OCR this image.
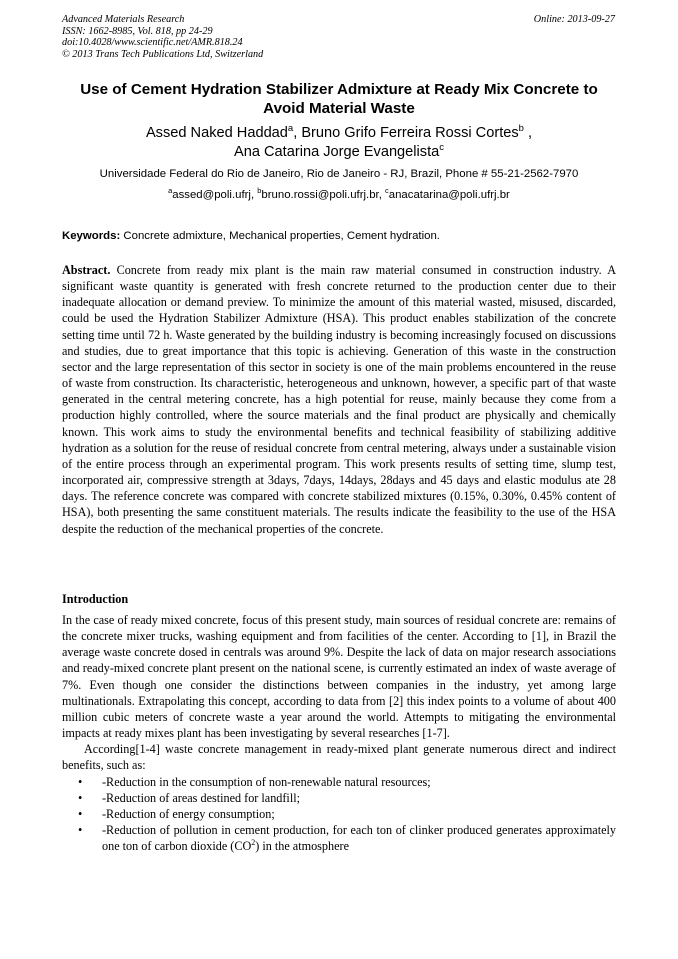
Advanced Materials Research
ISSN: 1662-8985, Vol. 818, pp 24-29
doi:10.4028/www.scientific.net/AMR.818.24
© 2013 Trans Tech Publications Ltd, Switzerland
Online: 2013-09-27
Use of Cement Hydration Stabilizer Admixture at Ready Mix Concrete to Avoid Material Waste
Assed Naked Haddad$^a$, Bruno Grifo Ferreira Rossi Cortes$^b$ ,
Ana Catarina Jorge Evangelista$^c$
Universidade Federal do Rio de Janeiro, Rio de Janeiro - RJ, Brazil, Phone # 55-21-2562-7970
$^a$assed@poli.ufrj, $^b$bruno.rossi@poli.ufrj.br, $^c$anacatarina@poli.ufrj.br
Keywords: Concrete admixture, Mechanical properties, Cement hydration.
Abstract. Concrete from ready mix plant is the main raw material consumed in construction industry. A significant waste quantity is generated with fresh concrete returned to the production center due to their inadequate allocation or demand preview. To minimize the amount of this material wasted, misused, discarded, could be used the Hydration Stabilizer Admixture (HSA). This product enables stabilization of the concrete setting time until 72 h. Waste generated by the building industry is becoming increasingly focused on discussions and studies, due to great importance that this topic is achieving. Generation of this waste in the construction sector and the large representation of this sector in society is one of the main problems encountered in the reuse of waste from construction. Its characteristic, heterogeneous and unknown, however, a specific part of that waste generated in the central metering concrete, has a high potential for reuse, mainly because they come from a production highly controlled, where the source materials and the final product are physically and chemically known. This work aims to study the environmental benefits and technical feasibility of stabilizing additive hydration as a solution for the reuse of residual concrete from central metering, always under a sustainable vision of the entire process through an experimental program. This work presents results of setting time, slump test, incorporated air, compressive strength at 3days, 7days, 14days, 28days and 45 days and elastic modulus ate 28 days. The reference concrete was compared with concrete stabilized mixtures (0.15%, 0.30%, 0.45% content of HSA), both presenting the same constituent materials. The results indicate the feasibility to the use of the HSA despite the reduction of the mechanical properties of the concrete.
Introduction

In the case of ready mixed concrete, focus of this present study, main sources of residual concrete are: remains of the concrete mixer trucks, washing equipment and from facilities of the center. According to [1], in Brazil the average waste concrete dosed in centrals was around 9%. Despite the lack of data on major research associations and ready-mixed concrete plant present on the national scene, is currently estimated an index of waste average of 7%. Even though one consider the distinctions between companies in the industry, yet among large multinationals. Extrapolating this concept, according to data from [2] this index points to a volume of about 400 million cubic meters of concrete waste a year around the world. Attempts to mitigating the environmental impacts at ready mixes plant has been investigating by several researches [1-7].

According[1-4] waste concrete management in ready-mixed plant generate numerous direct and indirect benefits, such as:

• -Reduction in the consumption of non-renewable natural resources;
• -Reduction of areas destined for landfill;
• -Reduction of energy consumption;
• -Reduction of pollution in cement production, for each ton of clinker produced generates approximately one ton of carbon dioxide $(CO^2)$ in the atmosphere
